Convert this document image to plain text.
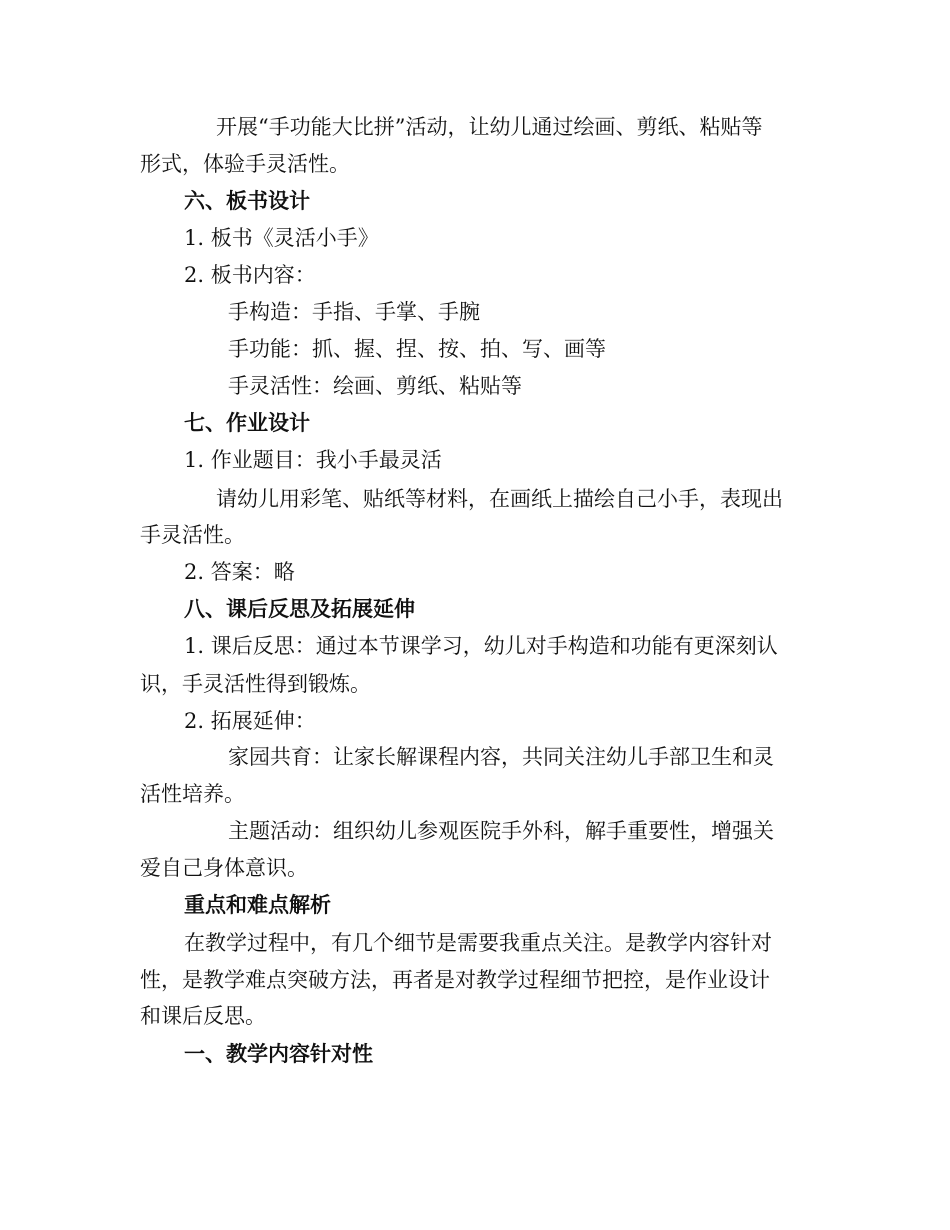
开展“手功能大比拼”活动，让幼儿通过绘画、剪纸、粘贴等
形式，体验手灵活性。
六、板书设计
1. 板书《灵活小手》
2. 板书内容：
手构造：手指、手掌、手腕
手功能：抓、握、捏、按、拍、写、画等
手灵活性：绘画、剪纸、粘贴等
七、作业设计
1. 作业题目：我小手最灵活
请幼儿用彩笔、贴纸等材料，在画纸上描绘自己小手，表现出
手灵活性。
2. 答案：略
八、课后反思及拓展延伸
1. 课后反思：通过本节课学习，幼儿对手构造和功能有更深刻认
识，手灵活性得到锻炼。
2. 拓展延伸：
家园共育：让家长解课程内容，共同关注幼儿手部卫生和灵
活性培养。
主题活动：组织幼儿参观医院手外科，解手重要性，增强关
爱自己身体意识。
重点和难点解析
在教学过程中，有几个细节是需要我重点关注。是教学内容针对
性，是教学难点突破方法，再者是对教学过程细节把控，是作业设计
和课后反思。
一、教学内容针对性
